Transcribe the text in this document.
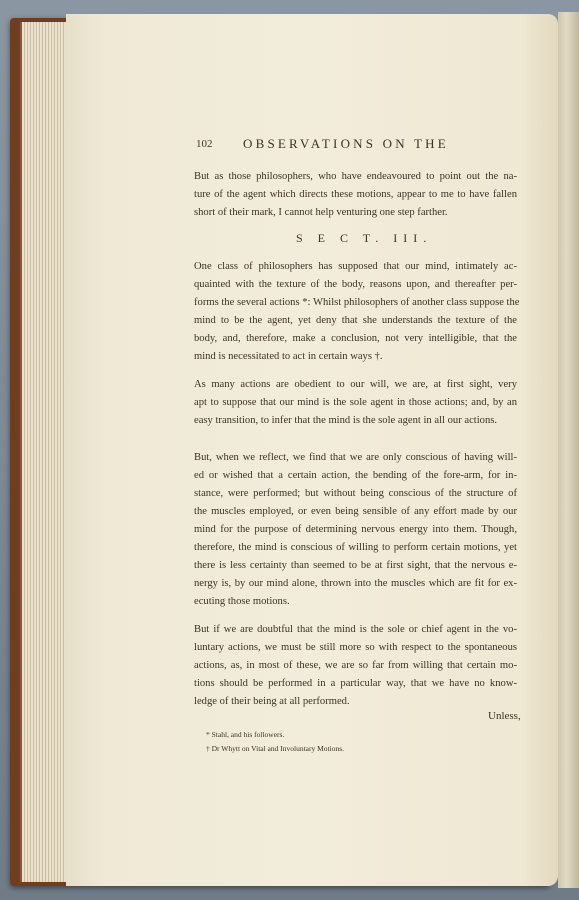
102 OBSERVATIONS ON THE
But as those philosophers, who have endeavoured to point out the na-
ture of the agent which directs these motions, appear to me to have fallen
short of their mark, I cannot help venturing one step farther.
S E C T. III.
One class of philosophers has supposed that our mind, intimately ac-
quainted with the texture of the body, reasons upon, and thereafter per-
forms the several actions *: Whilst philosophers of another class suppose the
mind to be the agent, yet deny that she understands the texture of the
body, and, therefore, make a conclusion, not very intelligible, that the
mind is necessitated to act in certain ways †.
As many actions are obedient to our will, we are, at first sight, very
apt to suppose that our mind is the sole agent in those actions; and, by an
easy transition, to infer that the mind is the sole agent in all our actions.
But, when we reflect, we find that we are only conscious of having will-
ed or wished that a certain action, the bending of the fore-arm, for in-
stance, were performed; but without being conscious of the structure of
the muscles employed, or even being sensible of any effort made by our
mind for the purpose of determining nervous energy into them. Though,
therefore, the mind is conscious of willing to perform certain motions, yet
there is less certainty than seemed to be at first sight, that the nervous e-
nergy is, by our mind alone, thrown into the muscles which are fit for ex-
ecuting those motions.
But if we are doubtful that the mind is the sole or chief agent in the vo-
luntary actions, we must be still more so with respect to the spontaneous
actions, as, in most of these, we are so far from willing that certain mo-
tions should be performed in a particular way, that we have no know-
ledge of their being at all performed.
Unless,
* Stahl, and his followers.
† Dr Whytt on Vital and Involuntary Motions.
